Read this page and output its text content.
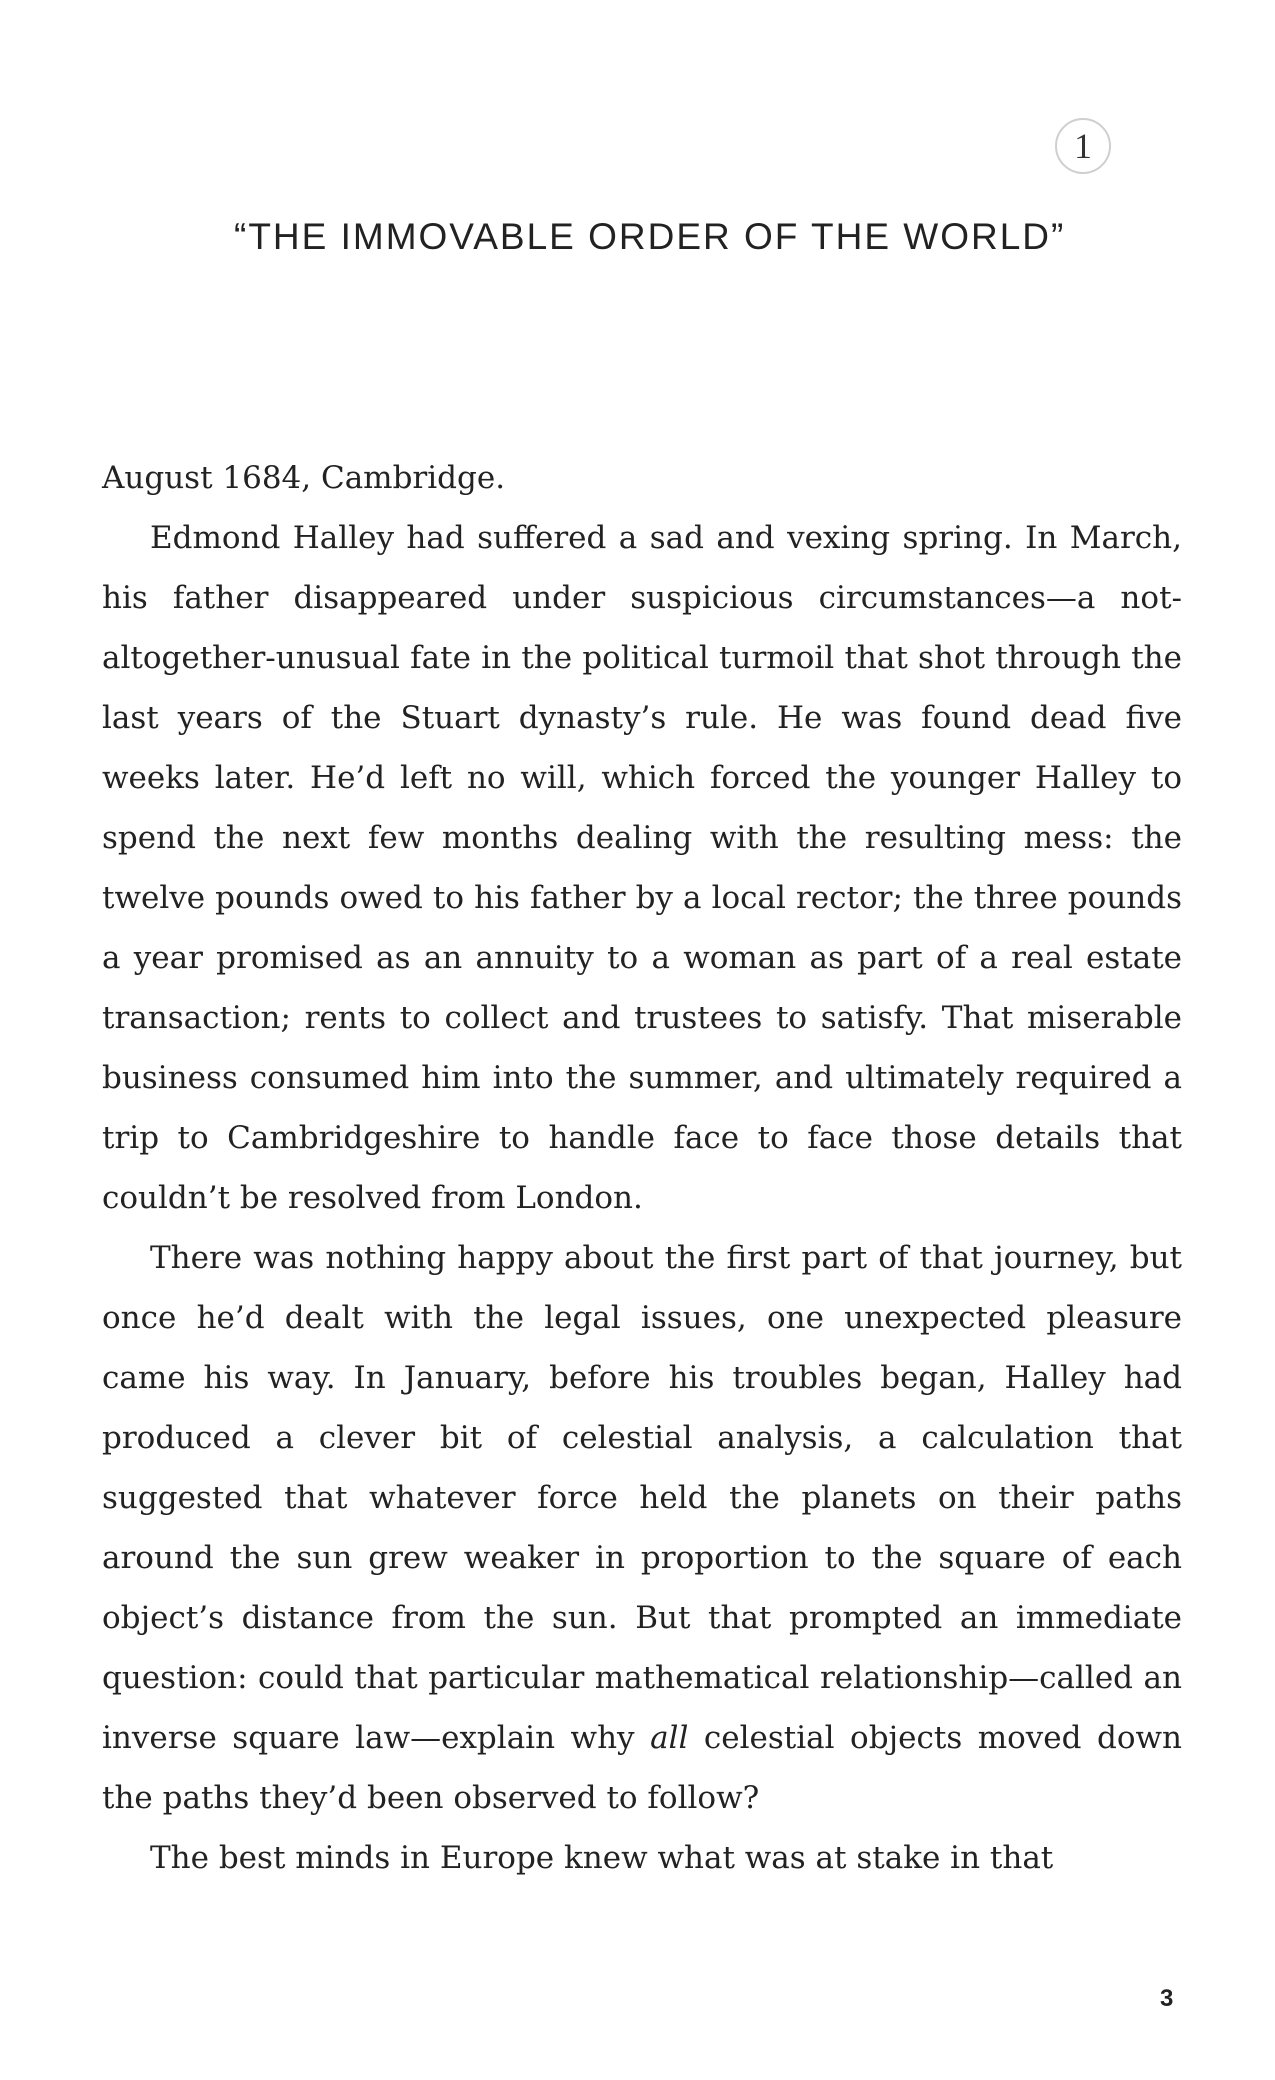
1
“THE IMMOVABLE ORDER OF THE WORLD”

August 1684, Cambridge.

Edmond Halley had suffered a sad and vexing spring. In March, his father disappeared under suspicious circumstances—a not-altogether-unusual fate in the political turmoil that shot through the last years of the Stuart dynasty’s rule. He was found dead five weeks later. He’d left no will, which forced the younger Halley to spend the next few months dealing with the resulting mess: the twelve pounds owed to his father by a local rector; the three pounds a year promised as an annuity to a woman as part of a real estate transaction; rents to collect and trustees to satisfy. That miserable business consumed him into the summer, and ultimately required a trip to Cambridgeshire to handle face to face those details that couldn’t be resolved from London.

There was nothing happy about the first part of that journey, but once he’d dealt with the legal issues, one unexpected pleasure came his way. In January, before his troubles began, Halley had produced a clever bit of celestial analysis, a calculation that suggested that whatever force held the planets on their paths around the sun grew weaker in proportion to the square of each object’s distance from the sun. But that prompted an immediate question: could that particular mathematical relationship—called an inverse square law—explain why all celestial objects moved down the paths they’d been observed to follow?

The best minds in Europe knew what was at stake in that

3
